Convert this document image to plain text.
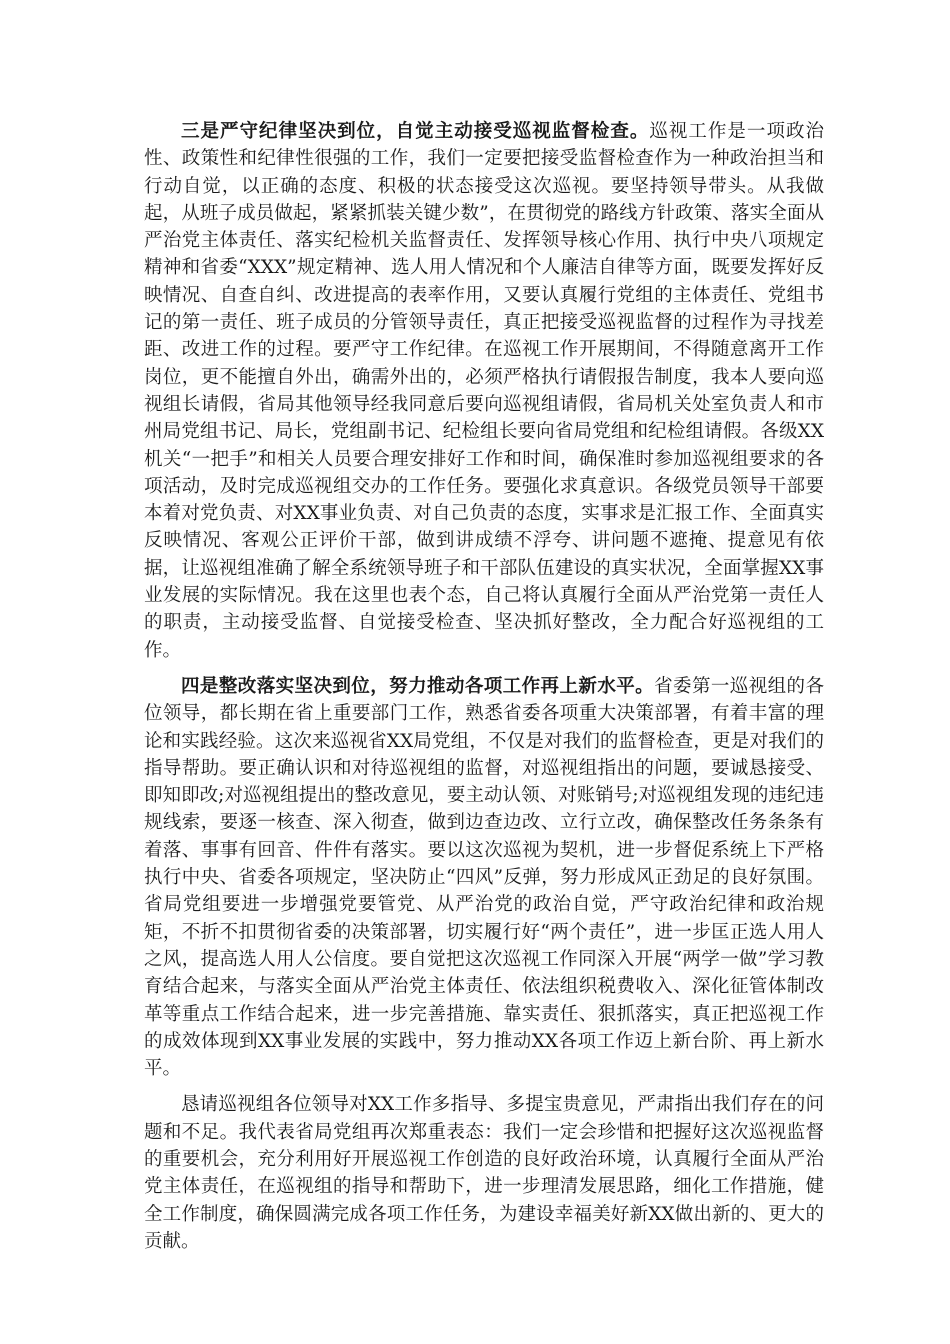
三是严守纪律坚决到位，自觉主动接受巡视监督检查。巡视工作是一项政治性、政策性和纪律性很强的工作，我们一定要把接受监督检查作为一种政治担当和行动自觉，以正确的态度、积极的状态接受这次巡视。要坚持领导带头。从我做起，从班子成员做起，紧紧抓装关键少数”，在贯彻党的路线方针政策、落实全面从严治党主体责任、落实纪检机关监督责任、发挥领导核心作用、执行中央八项规定精神和省委“XXX”规定精神、选人用人情况和个人廉洁自律等方面，既要发挥好反映情况、自查自纠、改进提高的表率作用，又要认真履行党组的主体责任、党组书记的第一责任、班子成员的分管领导责任，真正把接受巡视监督的过程作为寻找差距、改进工作的过程。要严守工作纪律。在巡视工作开展期间，不得随意离开工作岗位，更不能擅自外出，确需外出的，必须严格执行请假报告制度，我本人要向巡视组长请假，省局其他领导经我同意后要向巡视组请假，省局机关处室负责人和市州局党组书记、局长，党组副书记、纪检组长要向省局党组和纪检组请假。各级XX机关“一把手”和相关人员要合理安排好工作和时间，确保准时参加巡视组要求的各项活动，及时完成巡视组交办的工作任务。要强化求真意识。各级党员领导干部要本着对党负责、对XX事业负责、对自己负责的态度，实事求是汇报工作、全面真实反映情况、客观公正评价干部，做到讲成绩不浮夸、讲问题不遮掩、提意见有依据，让巡视组准确了解全系统领导班子和干部队伍建设的真实状况，全面掌握XX事业发展的实际情况。我在这里也表个态，自己将认真履行全面从严治党第一责任人的职责，主动接受监督、自觉接受检查、坚决抓好整改，全力配合好巡视组的工作。

四是整改落实坚决到位，努力推动各项工作再上新水平。省委第一巡视组的各位领导，都长期在省上重要部门工作，熟悉省委各项重大决策部署，有着丰富的理论和实践经验。这次来巡视省XX局党组，不仅是对我们的监督检查，更是对我们的指导帮助。要正确认识和对待巡视组的监督，对巡视组指出的问题，要诚恳接受、即知即改;对巡视组提出的整改意见，要主动认领、对账销号;对巡视组发现的违纪违规线索，要逐一核查、深入彻查，做到边查边改、立行立改，确保整改任务条条有着落、事事有回音、件件有落实。要以这次巡视为契机，进一步督促系统上下严格执行中央、省委各项规定，坚决防止“四风”反弹，努力形成风正劲足的良好氛围。省局党组要进一步增强党要管党、从严治党的政治自觉，严守政治纪律和政治规矩，不折不扣贯彻省委的决策部署，切实履行好“两个责任”，进一步匡正选人用人之风，提高选人用人公信度。要自觉把这次巡视工作同深入开展“两学一做”学习教育结合起来，与落实全面从严治党主体责任、依法组织税费收入、深化征管体制改革等重点工作结合起来，进一步完善措施、靠实责任、狠抓落实，真正把巡视工作的成效体现到XX事业发展的实践中，努力推动XX各项工作迈上新台阶、再上新水平。

恳请巡视组各位领导对XX工作多指导、多提宝贵意见，严肃指出我们存在的问题和不足。我代表省局党组再次郑重表态：我们一定会珍惜和把握好这次巡视监督的重要机会，充分利用好开展巡视工作创造的良好政治环境，认真履行全面从严治党主体责任，在巡视组的指导和帮助下，进一步理清发展思路，细化工作措施，健全工作制度，确保圆满完成各项工作任务，为建设幸福美好新XX做出新的、更大的贡献。
